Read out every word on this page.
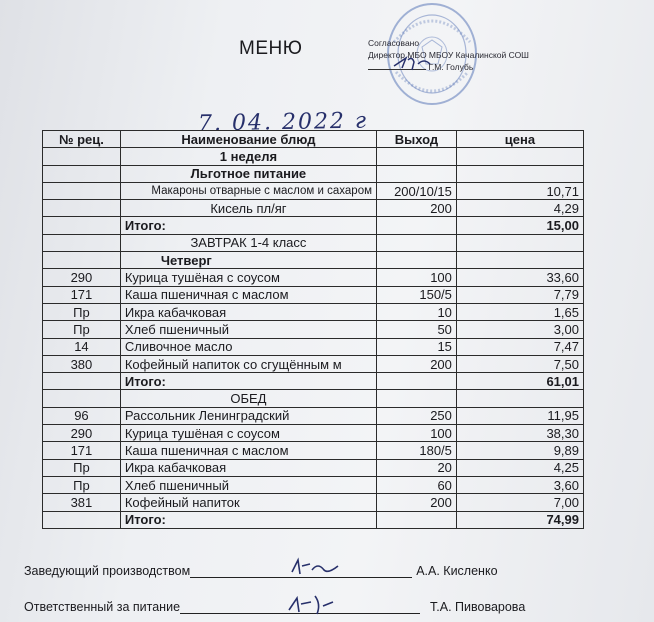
МЕНЮ	Согласовано
Директор МБО МБОУ Качалинской СОШ
Г.М. Голубь
7. 04. 2022 г
№ рец.	Наименование блюд	Выход	цена
	1 неделя		
	Льготное питание		
	Макароны отварные с маслом и сахаром	200/10/15	10,71
	Кисель пл/яг	200	4,29
	Итого:		15,00
	ЗАВТРАК 1-4 класс		
	Четверг		
290	Курица тушёная с соусом	100	33,60
171	Каша пшеничная с маслом	150/5	7,79
Пр	Икра кабачковая	10	1,65
Пр	Хлеб пшеничный	50	3,00
14	Сливочное масло	15	7,47
380	Кофейный напиток со сгущённым м	200	7,50
	Итого:		61,01
	ОБЕД		
96	Рассольник Ленинградский	250	11,95
290	Курица тушёная с соусом	100	38,30
171	Каша пшеничная с маслом	180/5	9,89
Пр	Икра кабачковая	20	4,25
Пр	Хлеб пшеничный	60	3,60
381	Кофейный напиток	200	7,00
	Итого:		74,99
Заведующий производством	А.А. Кисленко
Ответственный за питание	Т.А. Пивоварова
